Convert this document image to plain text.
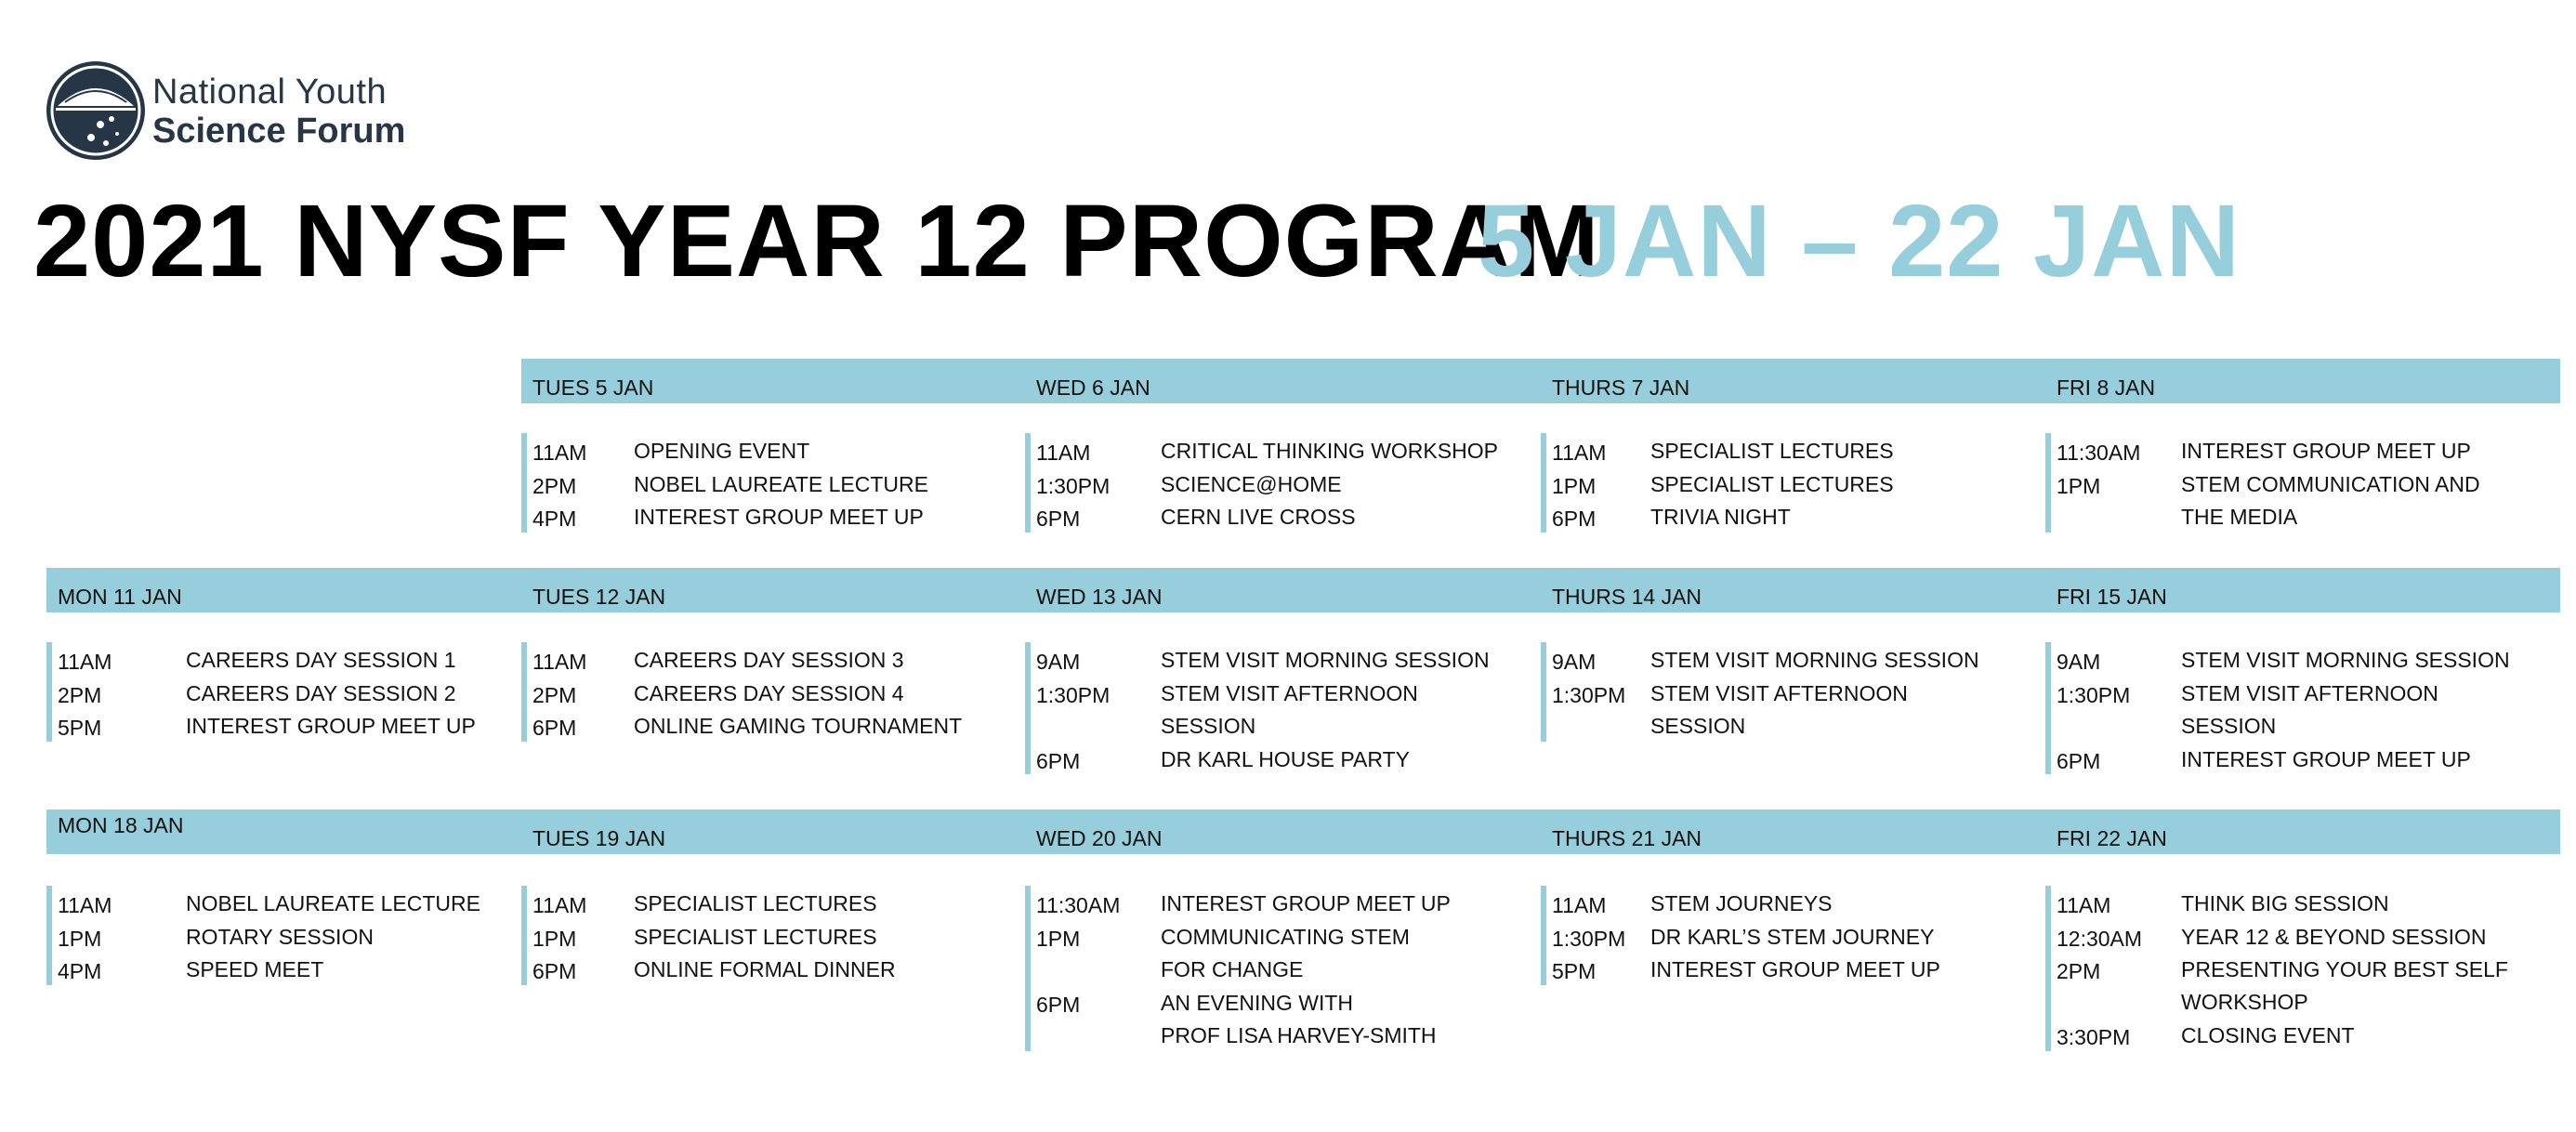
National Youth
Science Forum
2021 NYSF YEAR 12 PROGRAM
5 JAN – 22 JAN
TUES 5 JAN
11AM OPENING EVENT
2PM	NOBEL LAUREATE LECTURE
4PM	INTEREST GROUP MEET UP
WED 6 JAN
11AM	CRITICAL THINKING WORKSHOP
1:30PM SCIENCE@HOME
6PM	CERN LIVE CROSS
THURS 7 JAN
11AM SPECIALIST LECTURES
1PM	SPECIALIST LECTURES
6PM	TRIVIA NIGHT
FRI 8 JAN
11:30AM INTEREST GROUP MEET UP
1PM	STEM COMMUNICATION AND
THE MEDIA
MON 11 JAN
11AM	CAREERS DAY SESSION 1
2PM	CAREERS DAY SESSION 2
5PM	INTEREST GROUP MEET UP
TUES 12 JAN
11AM CAREERS DAY SESSION 3
2PM	CAREERS DAY SESSION 4
6PM	ONLINE GAMING TOURNAMENT
WED 13 JAN
9AM	STEM VISIT MORNING SESSION
1:30PM STEM VISIT AFTERNOON
SESSION
6PM	DR KARL HOUSE PARTY
THURS 14 JAN
9AM	STEM VISIT MORNING SESSION
1:30PM STEM VISIT AFTERNOON
SESSION
FRI 15 JAN
9AM	STEM VISIT MORNING SESSION
1:30PM STEM VISIT AFTERNOON
SESSION
6PM	INTEREST GROUP MEET UP
MON 18 JAN
11AM	NOBEL LAUREATE LECTURE
1PM	ROTARY SESSION
4PM	SPEED MEET
TUES 19 JAN
11AM SPECIALIST LECTURES
1PM	SPECIALIST LECTURES
6PM	ONLINE FORMAL DINNER
WED 20 JAN
11:30AM INTEREST GROUP MEET UP
1PM	COMMUNICATING STEM
FOR CHANGE
6PM	AN EVENING WITH
PROF LISA HARVEY-SMITH
THURS 21 JAN
11AM STEM JOURNEYS
1:30PM DR KARL’S STEM JOURNEY
5PM	INTEREST GROUP MEET UP
FRI 22 JAN
11AM	THINK BIG SESSION
12:30AM YEAR 12 & BEYOND SESSION
2PM	PRESENTING YOUR BEST SELF
WORKSHOP
3:30PM CLOSING EVENT
